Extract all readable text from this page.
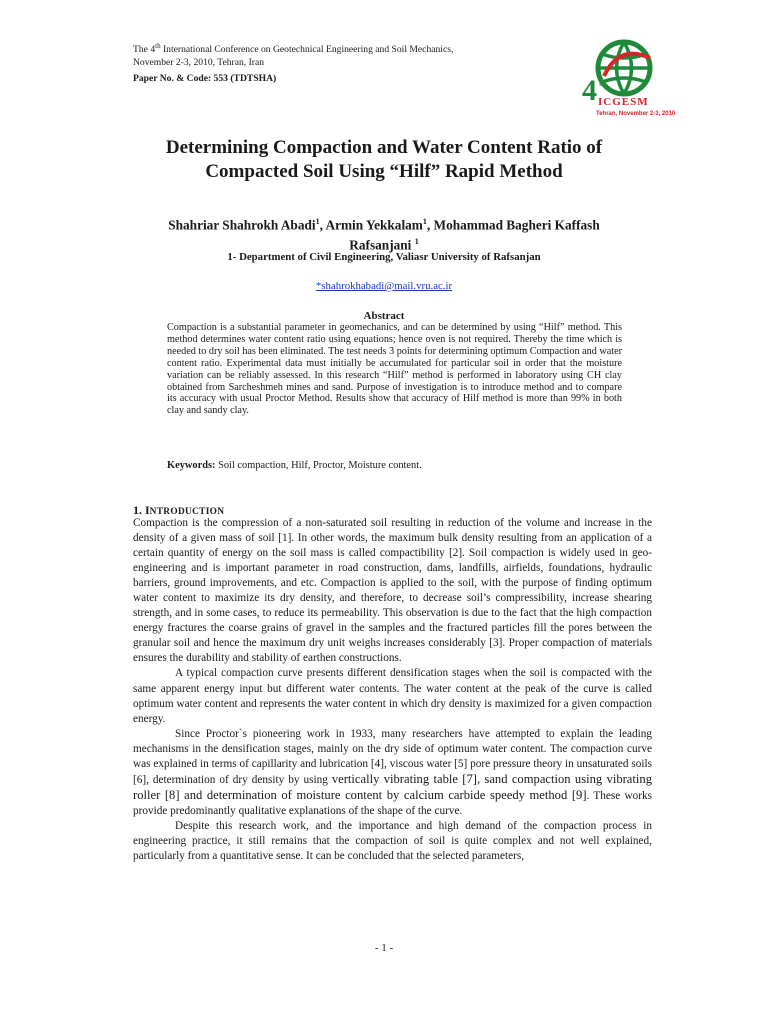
The 4th International Conference on Geotechnical Engineering and Soil Mechanics,
November 2-3, 2010, Tehran, Iran
Paper No. & Code: 553 (TDTSHA)	4 th
ICGESM
Tehran, November 2-3, 2010
Determining Compaction and Water Content Ratio of
Compacted Soil Using “Hilf” Rapid Method
Shahriar Shahrokh Abadi$^1$, Armin Yekkalam$^1$, Mohammad Bagheri Kaffash
Rafsanjani $^1$
1- Department of Civil Engineering, Valiasr University of Rafsanjan
*shahrokhabadi@mail.vru.ac.ir
Abstract
Compaction is a substantial parameter in geomechanics, and can be determined by using “Hilf” method. This method determines water content ratio using equations; hence oven is not required. Thereby the time which is needed to dry soil has been eliminated. The test needs 3 points for determining optimum Compaction and water content ratio. Experimental data must initially be accumulated for particular soil in order that the moisture variation can be reliably assessed. In this research “Hilf” method is performed in laboratory using CH clay obtained from Sarcheshmeh mines and sand. Purpose of investigation is to introduce method and to compare its accuracy with usual Proctor Method. Results show that accuracy of Hilf method is more than 99% in both clay and sandy clay.
Keywords: Soil compaction, Hilf, Proctor, Moisture content.
1. INTRODUCTION

Compaction is the compression of a non-saturated soil resulting in reduction of the volume and increase in the density of a given mass of soil [1]. In other words, the maximum bulk density resulting from an application of a certain quantity of energy on the soil mass is called compactibility [2]. Soil compaction is widely used in geo-engineering and is important parameter in road construction, dams, landfills, airfields, foundations, hydraulic barriers, ground improvements, and etc. Compaction is applied to the soil, with the purpose of finding optimum water content to maximize its dry density, and therefore, to decrease soil’s compressibility, increase shearing strength, and in some cases, to reduce its permeability. This observation is due to the fact that the high compaction energy fractures the coarse grains of gravel in the samples and the fractured particles fill the pores between the granular soil and hence the maximum dry unit weighs increases considerably [3]. Proper compaction of materials ensures the durability and stability of earthen constructions.

A typical compaction curve presents different densification stages when the soil is compacted with the same apparent energy input but different water contents. The water content at the peak of the curve is called optimum water content and represents the water content in which dry density is maximized for a given compaction energy.

Since Proctor`s pioneering work in 1933, many researchers have attempted to explain the leading mechanisms in the densification stages, mainly on the dry side of optimum water content. The compaction curve was explained in terms of capillarity and lubrication [4], viscous water [5] pore pressure theory in unsaturated soils [6], determination of dry density by using vertically vibrating table [7], sand compaction using vibrating roller [8] and determination of moisture content by calcium carbide speedy method [9]. These works provide predominantly qualitative explanations of the shape of the curve.

Despite this research work, and the importance and high demand of the compaction process in engineering practice, it still remains that the compaction of soil is quite complex and not well explained, particularly from a quantitative sense. It can be concluded that the selected parameters,

- 1 -
